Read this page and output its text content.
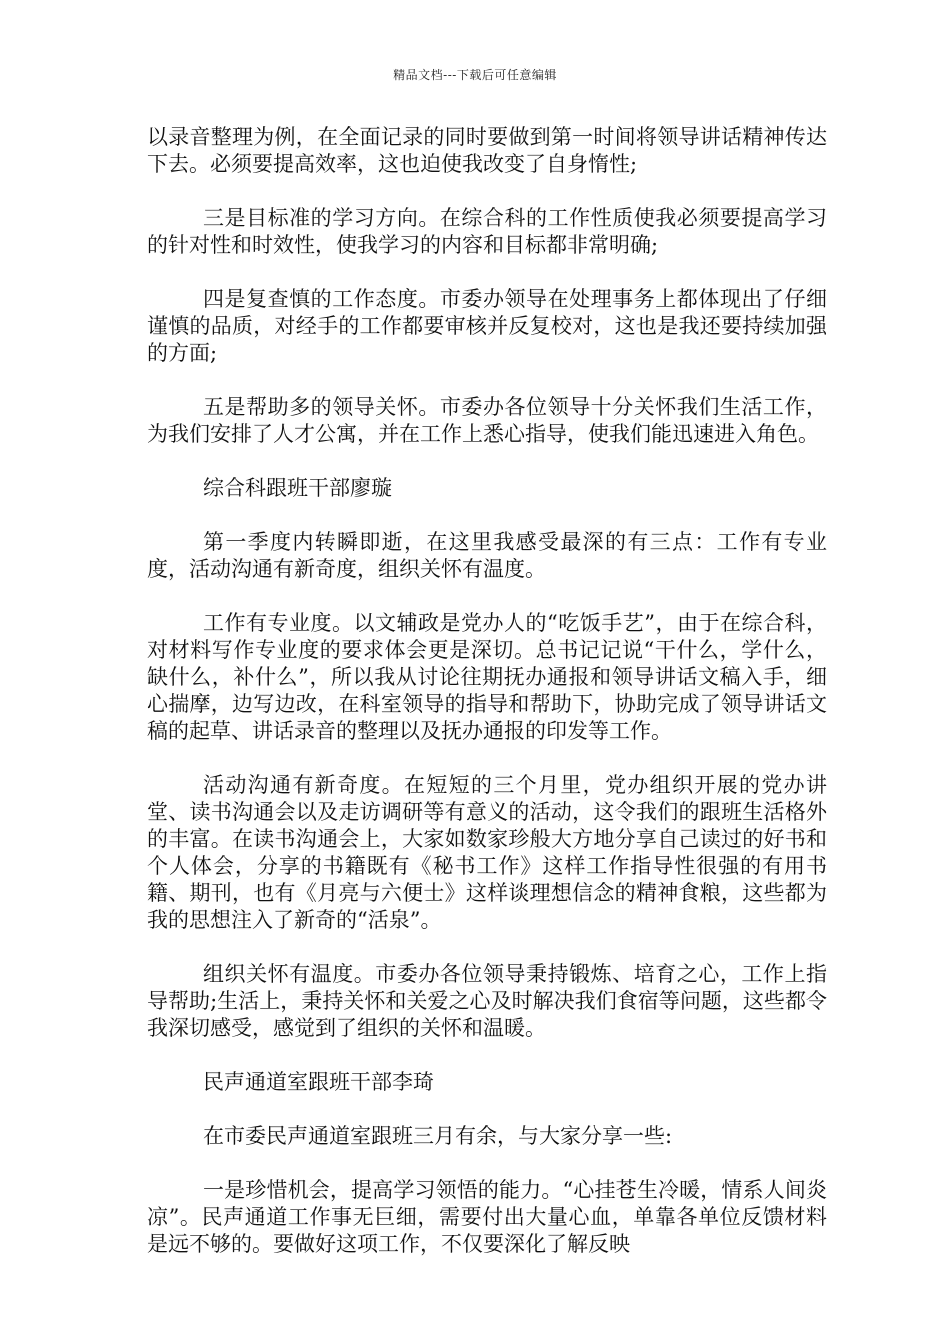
精品文档---下载后可任意编辑

以录音整理为例，在全面记录的同时要做到第一时间将领导讲话精神传达下去。必须要提高效率，这也迫使我改变了自身惰性;

三是目标准的学习方向。在综合科的工作性质使我必须要提高学习的针对性和时效性，使我学习的内容和目标都非常明确;

四是复查慎的工作态度。市委办领导在处理事务上都体现出了仔细谨慎的品质，对经手的工作都要审核并反复校对，这也是我还要持续加强的方面;

五是帮助多的领导关怀。市委办各位领导十分关怀我们生活工作，为我们安排了人才公寓，并在工作上悉心指导，使我们能迅速进入角色。

综合科跟班干部廖璇

第一季度内转瞬即逝，在这里我感受最深的有三点：工作有专业度，活动沟通有新奇度，组织关怀有温度。

工作有专业度。以文辅政是党办人的“吃饭手艺”，由于在综合科，对材料写作专业度的要求体会更是深切。总书记记说“干什么，学什么，缺什么，补什么”，所以我从讨论往期抚办通报和领导讲话文稿入手，细心揣摩，边写边改，在科室领导的指导和帮助下，协助完成了领导讲话文稿的起草、讲话录音的整理以及抚办通报的印发等工作。

活动沟通有新奇度。在短短的三个月里，党办组织开展的党办讲堂、读书沟通会以及走访调研等有意义的活动，这令我们的跟班生活格外的丰富。在读书沟通会上，大家如数家珍般大方地分享自己读过的好书和个人体会，分享的书籍既有《秘书工作》这样工作指导性很强的有用书籍、期刊，也有《月亮与六便士》这样谈理想信念的精神食粮，这些都为我的思想注入了新奇的“活泉”。

组织关怀有温度。市委办各位领导秉持锻炼、培育之心，工作上指导帮助;生活上，秉持关怀和关爱之心及时解决我们食宿等问题，这些都令我深切感受，感觉到了组织的关怀和温暖。

民声通道室跟班干部李琦

在市委民声通道室跟班三月有余，与大家分享一些:

一是珍惜机会，提高学习领悟的能力。“心挂苍生冷暖，情系人间炎凉”。民声通道工作事无巨细，需要付出大量心血，单靠各单位反馈材料是远不够的。要做好这项工作，不仅要深化了解反映
